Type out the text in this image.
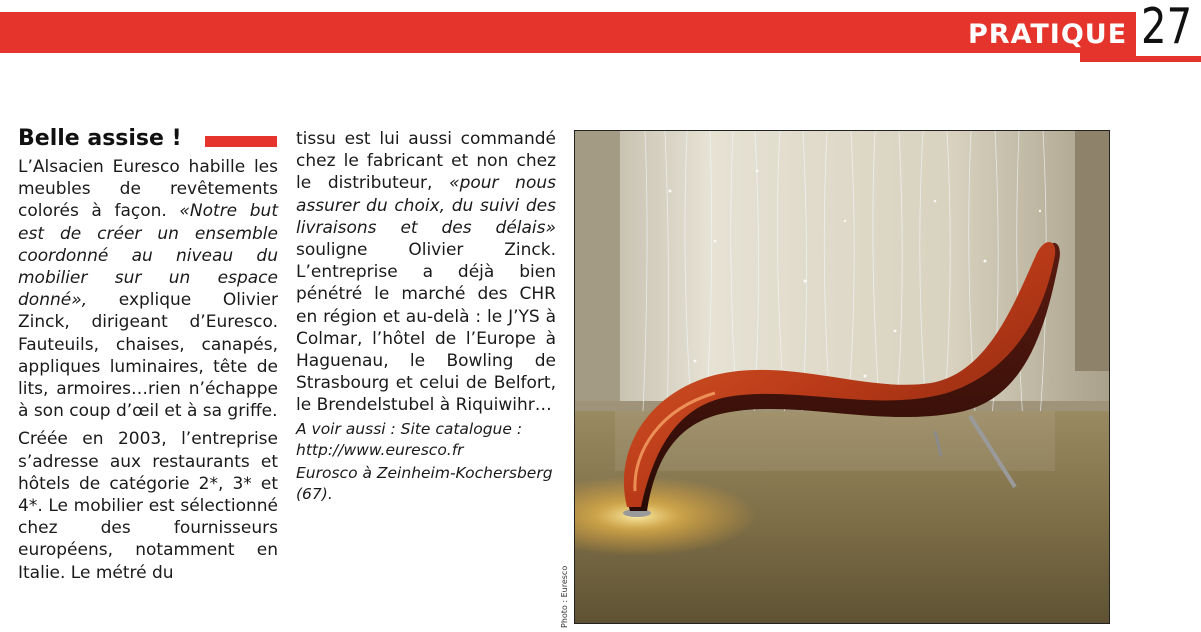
PRATIQUE 27
Belle assise !

L’Alsacien Euresco habille les meubles de revêtements colorés à façon. «Notre but est de créer un ensemble coordonné au niveau du mobilier sur un espace donné», explique Olivier Zinck, dirigeant d’Euresco. Fauteuils, chaises, canapés, appliques luminaires, tête de lits, armoires…rien n’échappe à son coup d’œil et à sa griffe.

Créée en 2003, l’entreprise s’adresse aux restaurants et hôtels de catégorie 2*, 3* et 4*. Le mobilier est sélectionné chez des fournisseurs européens, notamment en Italie. Le métré du

tissu est lui aussi commandé chez le fabricant et non chez le distributeur, «pour nous assurer du choix, du suivi des livraisons et des délais» souligne Olivier Zinck. L’entreprise a déjà bien pénétré le marché des CHR en région et au-delà : le J’YS à Colmar, l’hôtel de l’Europe à Haguenau, le Bowling de Strasbourg et celui de Belfort, le Brendelstubel à Riquiwihr…

A voir aussi : Site catalogue : http://www.euresco.fr

Eurosco à Zeinheim-Kochersberg (67).

Photo : Euresco
